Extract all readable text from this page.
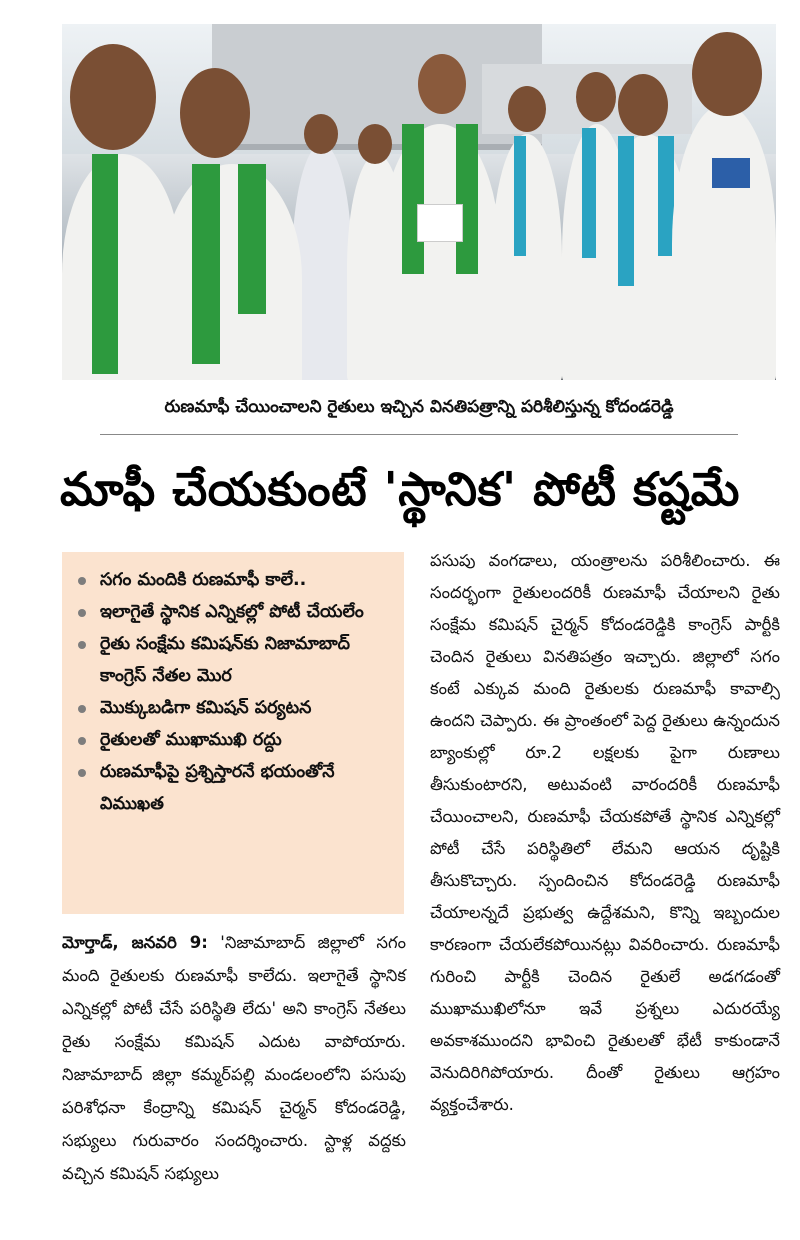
రుణమాఫీ చేయించాలని రైతులు ఇచ్చిన వినతిపత్రాన్ని పరిశీలిస్తున్న కోదండరెడ్డి
మాఫీ చేయకుంటే 'స్థానిక' పోటీ కష్టమే
సగం మందికి రుణమాఫీ కాలే..
ఇలాగైతే స్థానిక ఎన్నికల్లో పోటీ చేయలేం
రైతు సంక్షేమ కమిషన్‌కు నిజామాబాద్ కాంగ్రెస్ నేతల మొర
మొక్కుబడిగా కమిషన్ పర్యటన
రైతులతో ముఖాముఖి రద్దు
రుణమాఫీపై ప్రశ్నిస్తారనే భయంతోనే విముఖత
మోర్తాడ్, జనవరి 9: 'నిజామాబాద్ జిల్లాలో సగం మంది రైతులకు రుణమాఫీ కాలేదు. ఇలాగైతే స్థానిక ఎన్నికల్లో పోటీ చేసే పరిస్థితి లేదు' అని కాంగ్రెస్ నేతలు రైతు సంక్షేమ కమిషన్ ఎదుట వాపోయారు. నిజామాబాద్ జిల్లా కమ్మర్‌పల్లి మండలంలోని పసుపు పరిశోధనా కేంద్రాన్ని కమిషన్ చైర్మన్ కోదండరెడ్డి, సభ్యులు గురువారం సందర్శించారు. స్టాళ్ల వద్దకు వచ్చిన కమిషన్ సభ్యులు
పసుపు వంగడాలు, యంత్రాలను పరిశీలించారు. ఈ సందర్భంగా రైతులందరికీ రుణమాఫీ చేయాలని రైతు సంక్షేమ కమిషన్ చైర్మన్ కోదండరెడ్డికి కాంగ్రెస్ పార్టీకి చెందిన రైతులు వినతిపత్రం ఇచ్చారు. జిల్లాలో సగం కంటే ఎక్కువ మంది రైతులకు రుణమాఫీ కావాల్సి ఉందని చెప్పారు. ఈ ప్రాంతంలో పెద్ద రైతులు ఉన్నందున బ్యాంకుల్లో రూ.2 లక్షలకు పైగా రుణాలు తీసుకుంటారని, అటువంటి వారందరికీ రుణమాఫీ చేయించాలని, రుణమాఫీ చేయకపోతే స్థానిక ఎన్నికల్లో పోటీ చేసే పరిస్థితిలో లేమని ఆయన దృష్టికి తీసుకొచ్చారు. స్పందించిన కోదండరెడ్డి రుణమాఫీ చేయాలన్నదే ప్రభుత్వ ఉద్దేశమని, కొన్ని ఇబ్బందుల కారణంగా చేయలేకపోయినట్లు వివరించారు. రుణమాఫీ గురించి పార్టీకి చెందిన రైతులే అడగడంతో ముఖాముఖిలోనూ ఇవే ప్రశ్నలు ఎదురయ్యే అవకాశముందని భావించి రైతులతో భేటీ కాకుండానే వెనుదిరిగిపోయారు. దీంతో రైతులు ఆగ్రహం వ్యక్తంచేశారు.
